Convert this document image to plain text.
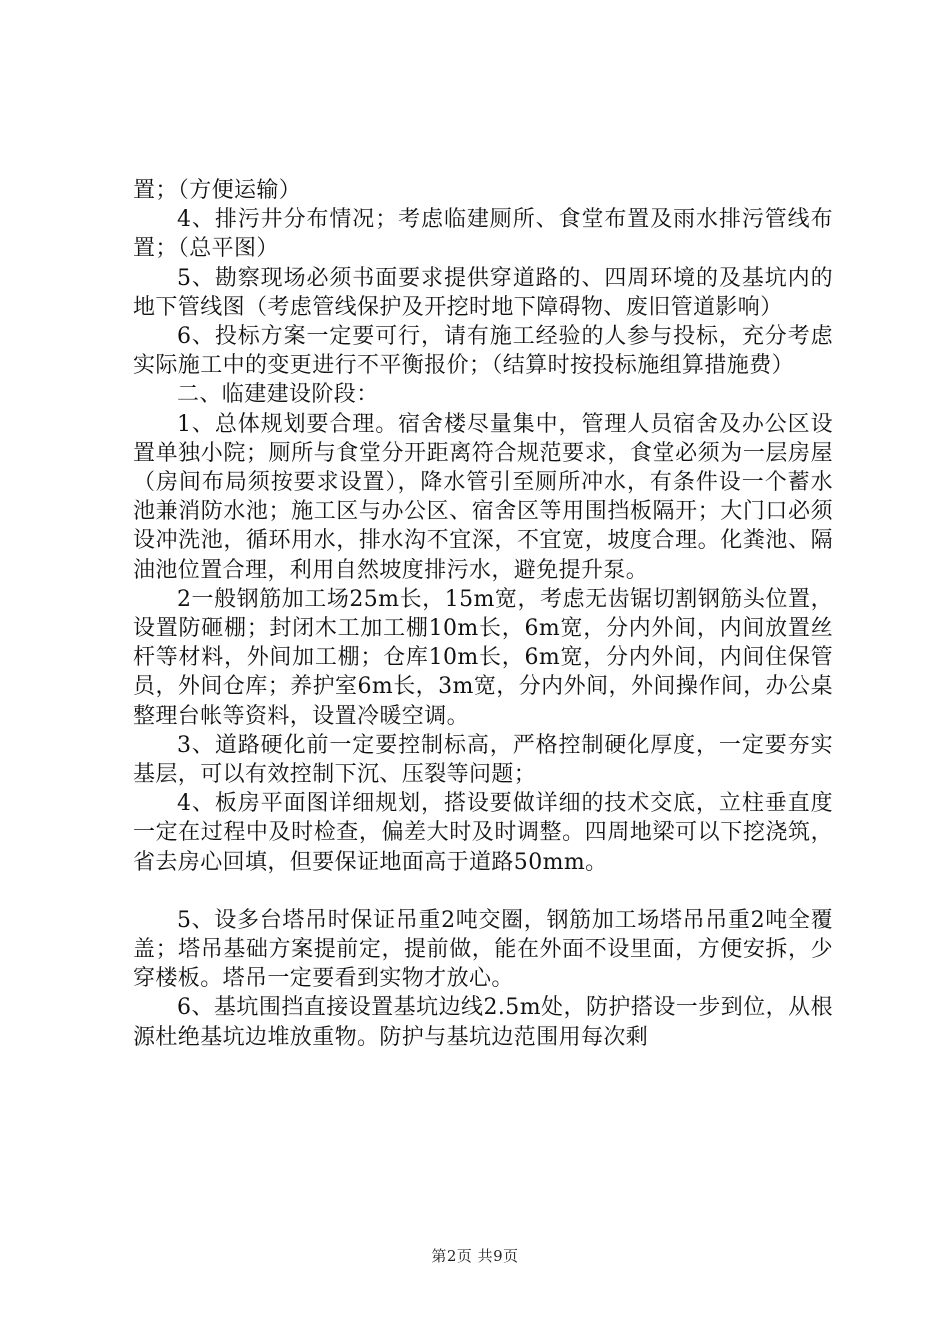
置；（方便运输）

4、排污井分布情况；考虑临建厕所、食堂布置及雨水排污管线布置；（总平图）

5、勘察现场必须书面要求提供穿道路的、四周环境的及基坑内的地下管线图（考虑管线保护及开挖时地下障碍物、废旧管道影响）

6、投标方案一定要可行，请有施工经验的人参与投标，充分考虑实际施工中的变更进行不平衡报价；（结算时按投标施组算措施费）

二、临建建设阶段：

1、总体规划要合理。宿舍楼尽量集中，管理人员宿舍及办公区设置单独小院；厕所与食堂分开距离符合规范要求，食堂必须为一层房屋（房间布局须按要求设置），降水管引至厕所冲水，有条件设一个蓄水池兼消防水池；施工区与办公区、宿舍区等用围挡板隔开；大门口必须设冲洗池，循环用水，排水沟不宜深，不宜宽，坡度合理。化粪池、隔油池位置合理，利用自然坡度排污水，避免提升泵。

2一般钢筋加工场25m长，15m宽，考虑无齿锯切割钢筋头位置，设置防砸棚；封闭木工加工棚10m长，6m宽，分内外间，内间放置丝杆等材料，外间加工棚；仓库10m长，6m宽，分内外间，内间住保管员，外间仓库；养护室6m长，3m宽，分内外间，外间操作间，办公桌整理台帐等资料，设置冷暖空调。

3、道路硬化前一定要控制标高，严格控制硬化厚度，一定要夯实基层，可以有效控制下沉、压裂等问题；

4、板房平面图详细规划，搭设要做详细的技术交底，立柱垂直度一定在过程中及时检查，偏差大时及时调整。四周地梁可以下挖浇筑，省去房心回填，但要保证地面高于道路50mm。

5、设多台塔吊时保证吊重2吨交圈，钢筋加工场塔吊吊重2吨全覆盖；塔吊基础方案提前定，提前做，能在外面不设里面，方便安拆，少穿楼板。塔吊一定要看到实物才放心。

6、基坑围挡直接设置基坑边线2.5m处，防护搭设一步到位，从根源杜绝基坑边堆放重物。防护与基坑边范围用每次剩

第2页 共9页
